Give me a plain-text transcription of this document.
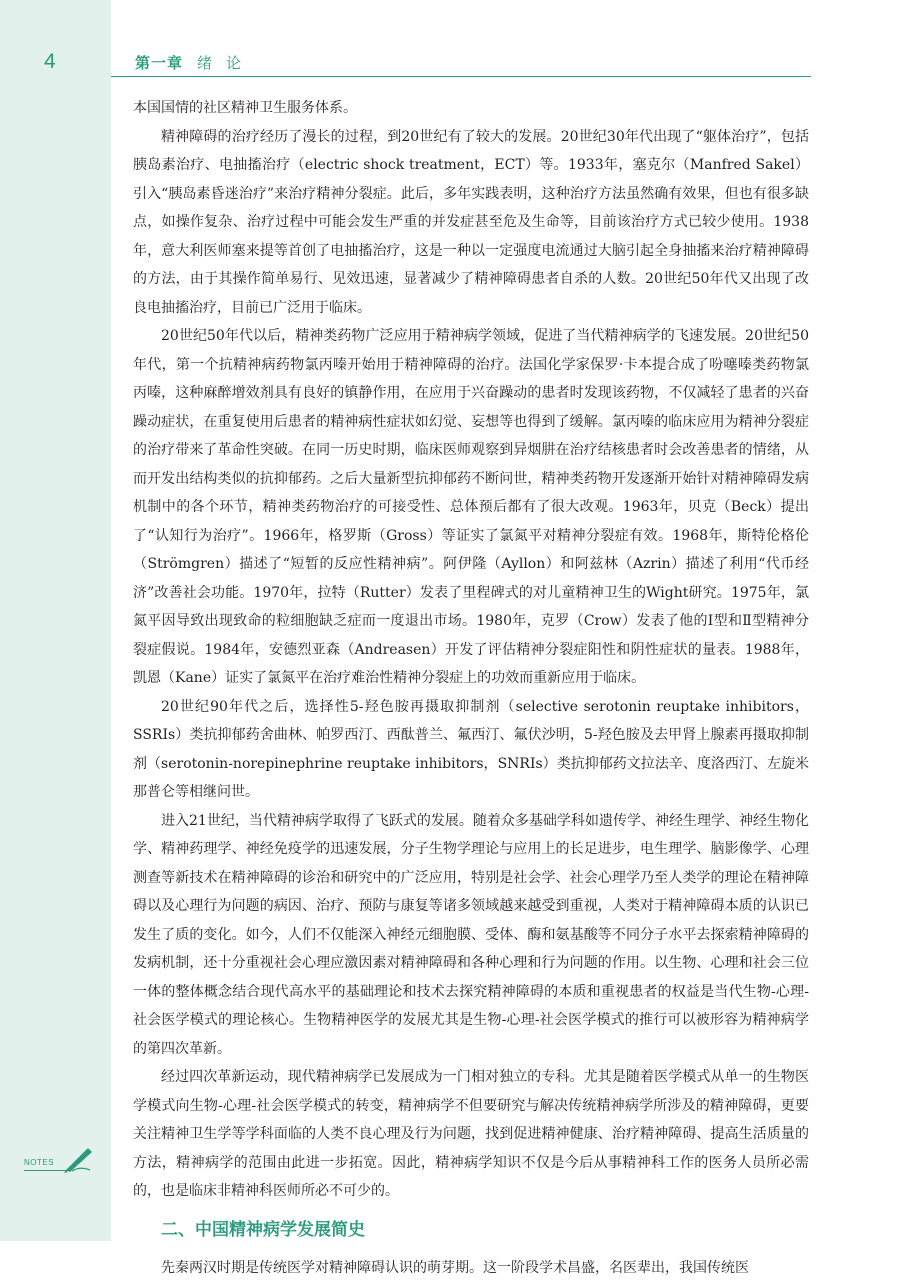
4	第一章 绪论

本国国情的社区精神卫生服务体系。

精神障碍的治疗经历了漫长的过程，到20世纪有了较大的发展。20世纪30年代出现了“躯体治疗”，包括胰岛素治疗、电抽搐治疗（electric shock treatment，ECT）等。1933年，塞克尔（Manfred Sakel）引入“胰岛素昏迷治疗”来治疗精神分裂症。此后，多年实践表明，这种治疗方法虽然确有效果，但也有很多缺点，如操作复杂、治疗过程中可能会发生严重的并发症甚至危及生命等，目前该治疗方式已较少使用。1938年，意大利医师塞来提等首创了电抽搐治疗，这是一种以一定强度电流通过大脑引起全身抽搐来治疗精神障碍的方法，由于其操作简单易行、见效迅速，显著减少了精神障碍患者自杀的人数。20世纪50年代又出现了改良电抽搐治疗，目前已广泛用于临床。

20世纪50年代以后，精神类药物广泛应用于精神病学领域，促进了当代精神病学的飞速发展。20世纪50年代，第一个抗精神病药物氯丙嗪开始用于精神障碍的治疗。法国化学家保罗·卡本提合成了吩噻嗪类药物氯丙嗪，这种麻醉增效剂具有良好的镇静作用，在应用于兴奋躁动的患者时发现该药物，不仅减轻了患者的兴奋躁动症状，在重复使用后患者的精神病性症状如幻觉、妄想等也得到了缓解。氯丙嗪的临床应用为精神分裂症的治疗带来了革命性突破。在同一历史时期，临床医师观察到异烟肼在治疗结核患者时会改善患者的情绪，从而开发出结构类似的抗抑郁药。之后大量新型抗抑郁药不断问世，精神类药物开发逐渐开始针对精神障碍发病机制中的各个环节，精神类药物治疗的可接受性、总体预后都有了很大改观。1963年，贝克（Beck）提出了“认知行为治疗”。1966年，格罗斯（Gross）等证实了氯氮平对精神分裂症有效。1968年，斯特伦格伦（Strömgren）描述了“短暂的反应性精神病”。阿伊隆（Ayllon）和阿兹林（Azrin）描述了利用“代币经济”改善社会功能。1970年，拉特（Rutter）发表了里程碑式的对儿童精神卫生的Wight研究。1975年，氯氮平因导致出现致命的粒细胞缺乏症而一度退出市场。1980年，克罗（Crow）发表了他的Ⅰ型和Ⅱ型精神分裂症假说。1984年，安德烈亚森（Andreasen）开发了评估精神分裂症阳性和阴性症状的量表。1988年，凯恩（Kane）证实了氯氮平在治疗难治性精神分裂症上的功效而重新应用于临床。

20世纪90年代之后，选择性5-羟色胺再摄取抑制剂（selective serotonin reuptake inhibitors，SSRIs）类抗抑郁药舍曲林、帕罗西汀、西酞普兰、氟西汀、氟伏沙明，5-羟色胺及去甲肾上腺素再摄取抑制剂（serotonin-norepinephrine reuptake inhibitors，SNRIs）类抗抑郁药文拉法辛、度洛西汀、左旋米那普仑等相继问世。

进入21世纪，当代精神病学取得了飞跃式的发展。随着众多基础学科如遗传学、神经生理学、神经生物化学、精神药理学、神经免疫学的迅速发展，分子生物学理论与应用上的长足进步，电生理学、脑影像学、心理测查等新技术在精神障碍的诊治和研究中的广泛应用，特别是社会学、社会心理学乃至人类学的理论在精神障碍以及心理行为问题的病因、治疗、预防与康复等诸多领域越来越受到重视，人类对于精神障碍本质的认识已发生了质的变化。如今，人们不仅能深入神经元细胞膜、受体、酶和氨基酸等不同分子水平去探索精神障碍的发病机制，还十分重视社会心理应激因素对精神障碍和各种心理和行为问题的作用。以生物、心理和社会三位一体的整体概念结合现代高水平的基础理论和技术去探究精神障碍的本质和重视患者的权益是当代生物-心理-社会医学模式的理论核心。生物精神医学的发展尤其是生物-心理-社会医学模式的推行可以被形容为精神病学的第四次革新。

经过四次革新运动，现代精神病学已发展成为一门相对独立的专科。尤其是随着医学模式从单一的生物医学模式向生物-心理-社会医学模式的转变，精神病学不但要研究与解决传统精神病学所涉及的精神障碍，更要关注精神卫生学等学科面临的人类不良心理及行为问题，找到促进精神健康、治疗精神障碍、提高生活质量的方法，精神病学的范围由此进一步拓宽。因此，精神病学知识不仅是今后从事精神科工作的医务人员所必需的，也是临床非精神科医师所必不可少的。

二、中国精神病学发展简史

先秦两汉时期是传统医学对精神障碍认识的萌芽期。这一阶段学术昌盛，名医辈出，我国传统医

NOTES
